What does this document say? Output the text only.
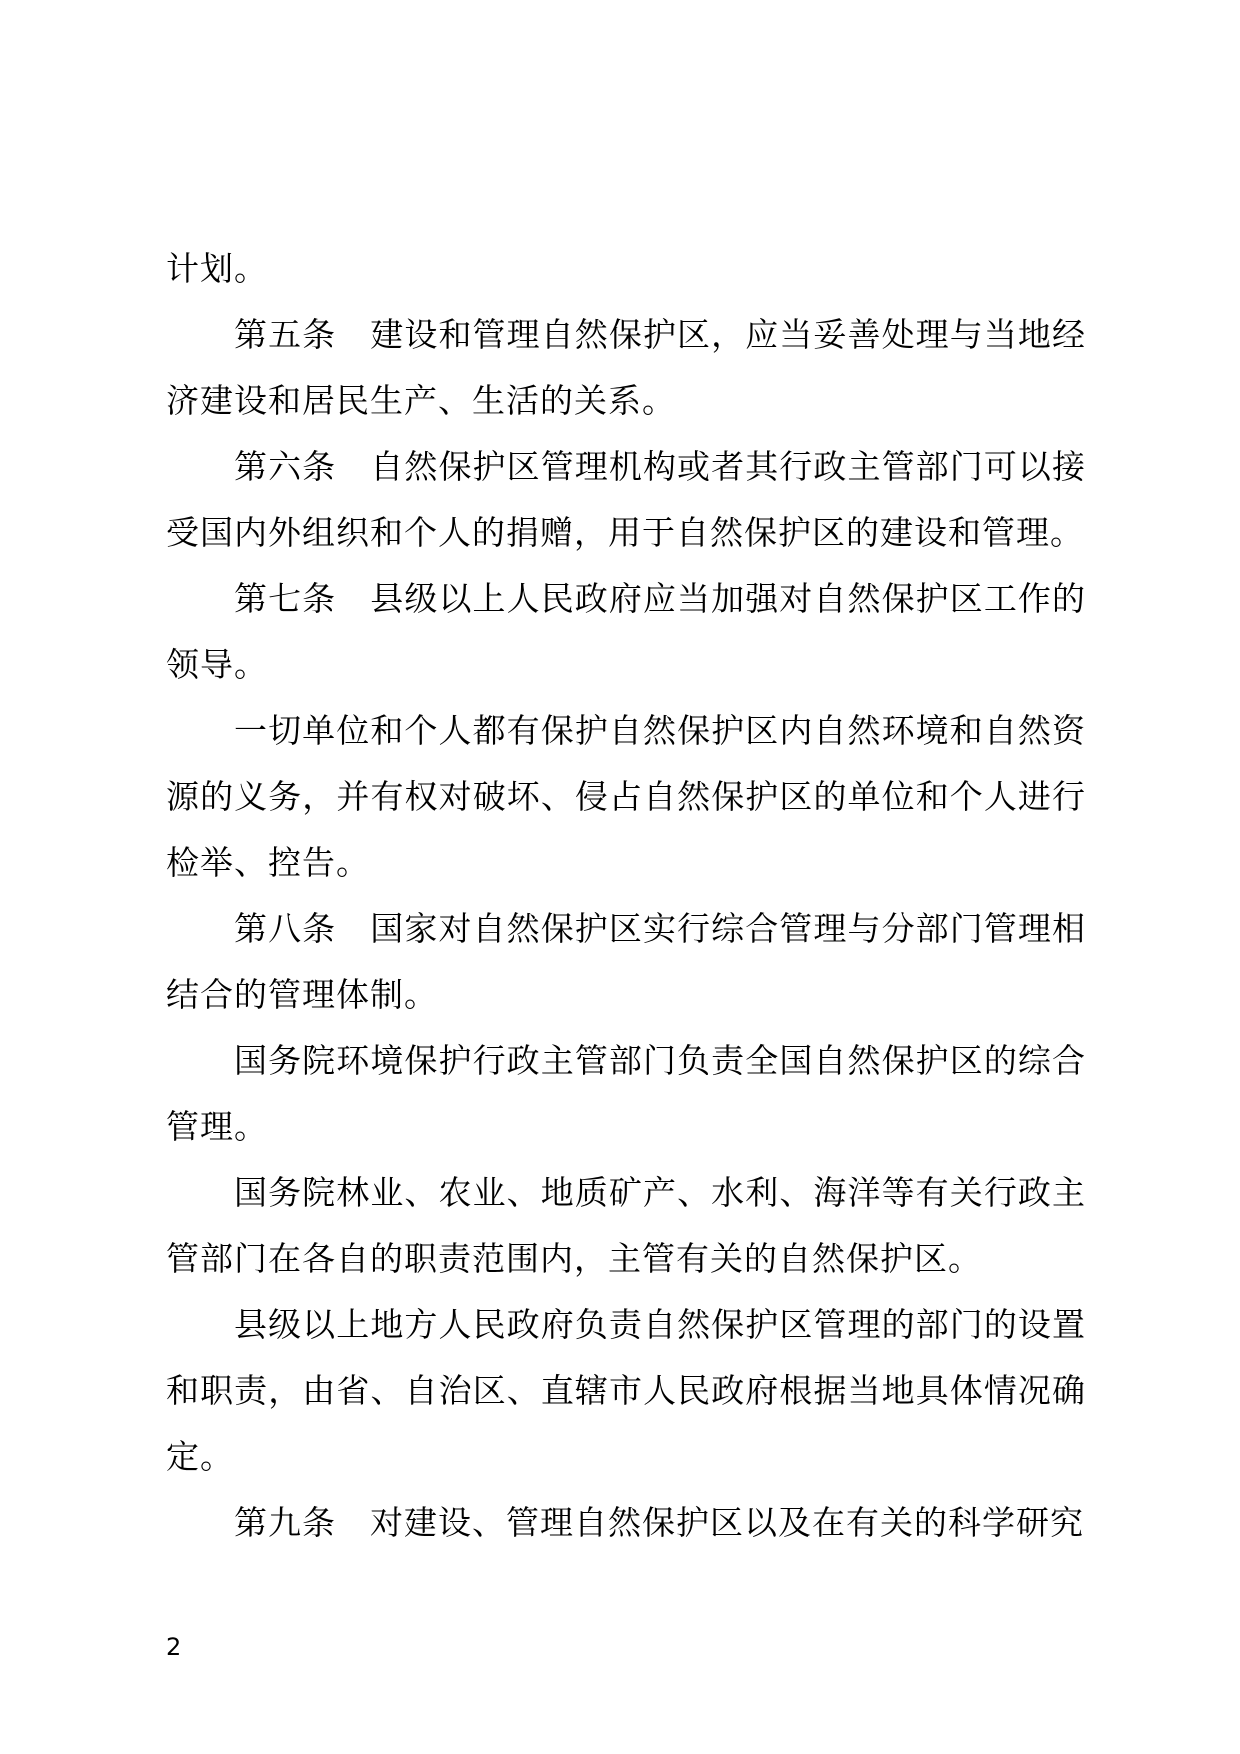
计划。

第五条 建设和管理自然保护区，应当妥善处理与当地经济建设和居民生产、生活的关系。

第六条 自然保护区管理机构或者其行政主管部门可以接受国内外组织和个人的捐赠，用于自然保护区的建设和管理。

第七条 县级以上人民政府应当加强对自然保护区工作的领导。

一切单位和个人都有保护自然保护区内自然环境和自然资源的义务，并有权对破坏、侵占自然保护区的单位和个人进行检举、控告。

第八条 国家对自然保护区实行综合管理与分部门管理相结合的管理体制。

国务院环境保护行政主管部门负责全国自然保护区的综合管理。

国务院林业、农业、地质矿产、水利、海洋等有关行政主管部门在各自的职责范围内，主管有关的自然保护区。

县级以上地方人民政府负责自然保护区管理的部门的设置和职责，由省、自治区、直辖市人民政府根据当地具体情况确定。

第九条 对建设、管理自然保护区以及在有关的科学研究

2
